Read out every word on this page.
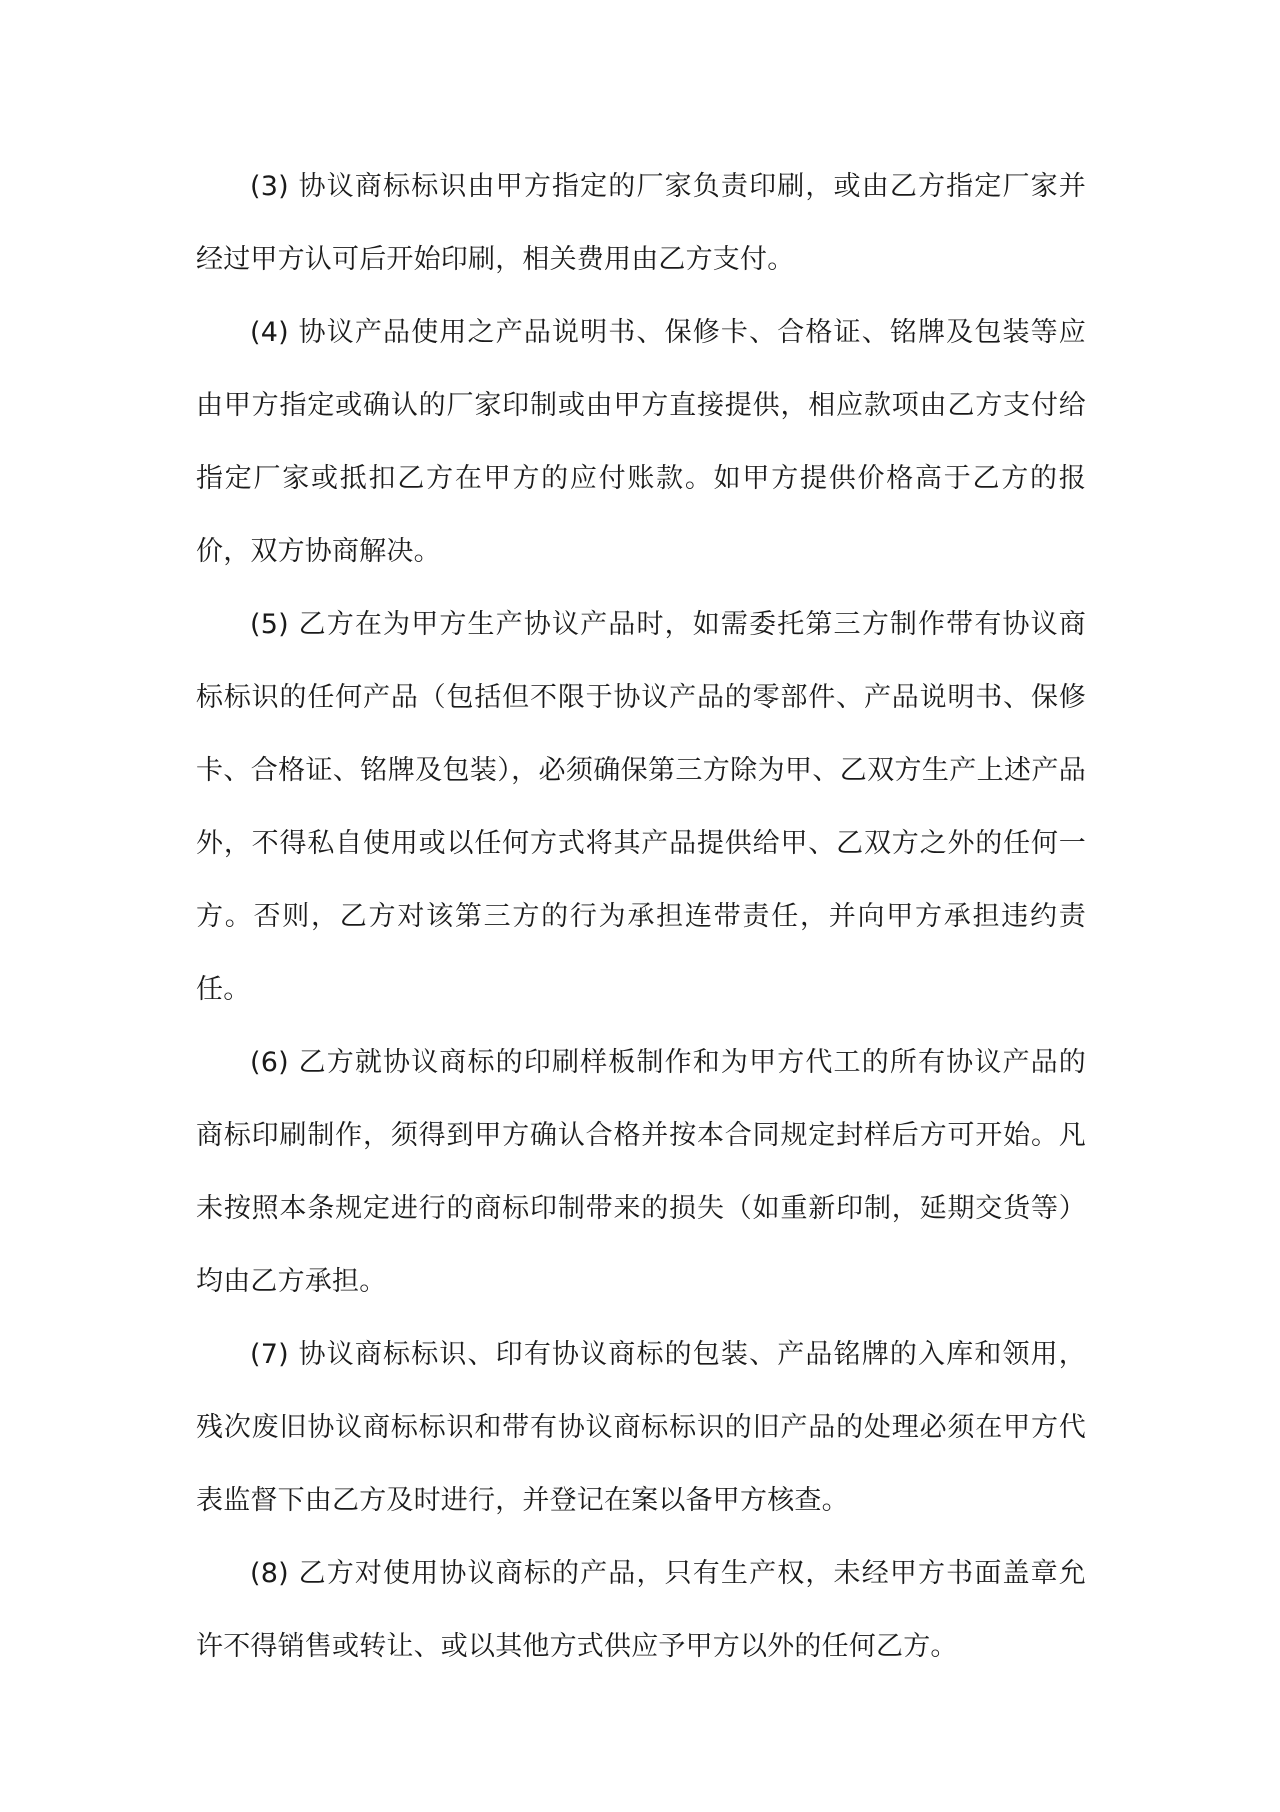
(3) 协议商标标识由甲方指定的厂家负责印刷，或由乙方指定厂家并经过甲方认可后开始印刷，相关费用由乙方支付。

(4) 协议产品使用之产品说明书、保修卡、合格证、铭牌及包装等应由甲方指定或确认的厂家印制或由甲方直接提供，相应款项由乙方支付给指定厂家或抵扣乙方在甲方的应付账款。如甲方提供价格高于乙方的报价，双方协商解决。

(5) 乙方在为甲方生产协议产品时，如需委托第三方制作带有协议商标标识的任何产品（包括但不限于协议产品的零部件、产品说明书、保修卡、合格证、铭牌及包装），必须确保第三方除为甲、乙双方生产上述产品外，不得私自使用或以任何方式将其产品提供给甲、乙双方之外的任何一方。否则，乙方对该第三方的行为承担连带责任，并向甲方承担违约责任。

(6) 乙方就协议商标的印刷样板制作和为甲方代工的所有协议产品的商标印刷制作，须得到甲方确认合格并按本合同规定封样后方可开始。凡未按照本条规定进行的商标印制带来的损失（如重新印制，延期交货等）均由乙方承担。

(7) 协议商标标识、印有协议商标的包装、产品铭牌的入库和领用，残次废旧协议商标标识和带有协议商标标识的旧产品的处理必须在甲方代表监督下由乙方及时进行，并登记在案以备甲方核查。

(8) 乙方对使用协议商标的产品，只有生产权，未经甲方书面盖章允许不得销售或转让、或以其他方式供应予甲方以外的任何乙方。
